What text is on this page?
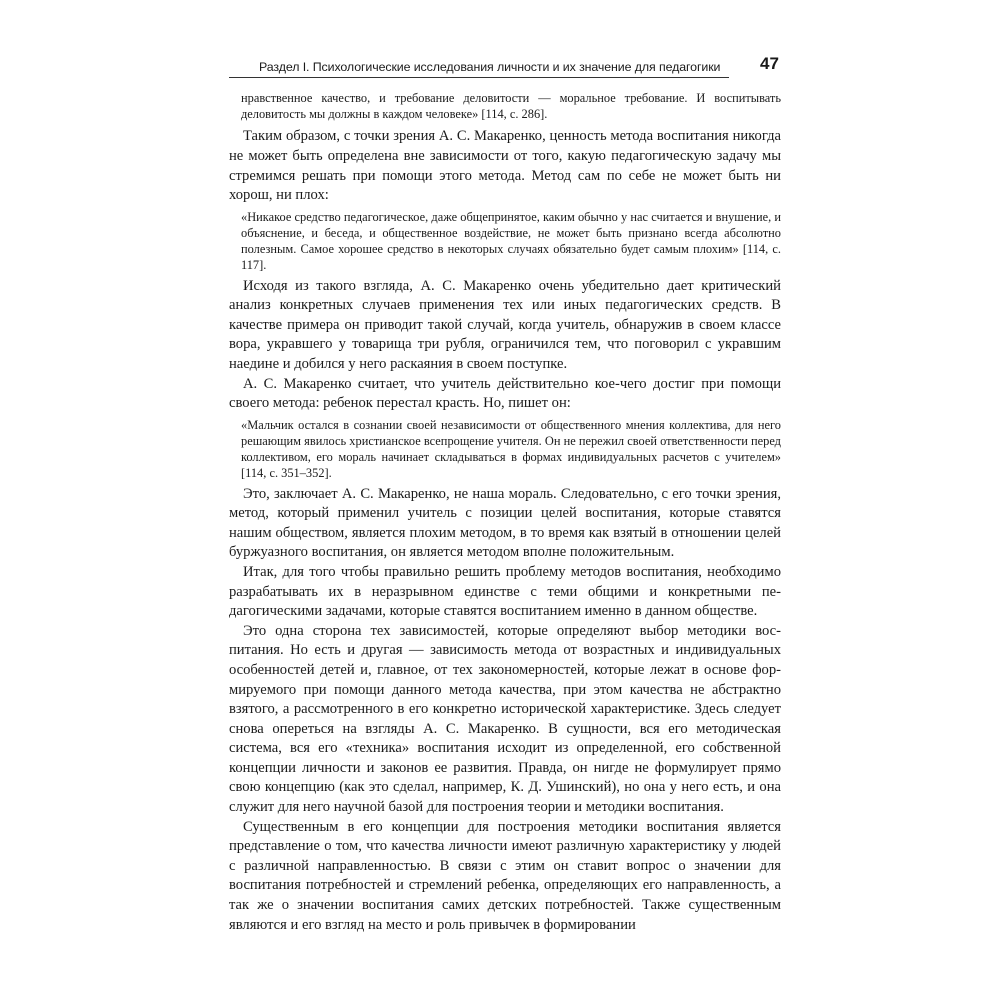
Раздел I. Психологические исследования личности и их значение для педагогики	47

нравственное качество, и требование деловитости — моральное требование. И воспитывать деловитость мы должны в каждом человеке» [114, с. 286].

Таким образом, с точки зрения А. С. Макаренко, ценность метода воспитания никогда не может быть определена вне зависимости от того, какую педагогическую задачу мы стремимся решать при помощи этого метода. Метод сам по себе не может быть ни хорош, ни плох:

«Никакое средство педагогическое, даже общепринятое, каким обычно у нас считается и внушение, и объяснение, и беседа, и общественное воздействие, не может быть признано всегда абсолютно полезным. Самое хорошее средство в некоторых случаях обязательно будет самым плохим» [114, с. 117].

Исходя из такого взгляда, А. С. Макаренко очень убедительно дает критический анализ конкретных случаев применения тех или иных педагогических средств. В качестве примера он приводит такой случай, когда учитель, обнаружив в своем классе вора, укравшего у товарища три рубля, ограничился тем, что поговорил с укравшим наедине и добился у него раскаяния в своем поступке.

А. С. Макаренко считает, что учитель действительно кое-чего достиг при помощи своего метода: ребенок перестал красть. Но, пишет он:

«Мальчик остался в сознании своей независимости от общественного мнения коллектива, для него решающим явилось христианское всепрощение учителя. Он не пережил своей ответственности перед коллективом, его мораль начинает складываться в формах индивидуальных расчетов с учителем» [114, с. 351–352].

Это, заключает А. С. Макаренко, не наша мораль. Следовательно, с его точки зрения, метод, который применил учитель с позиции целей воспитания, которые ставятся нашим обществом, является плохим методом, в то время как взятый в отношении целей буржуазного воспитания, он является методом вполне положительным.

Итак, для того чтобы правильно решить проблему методов воспитания, необходимо разрабатывать их в неразрывном единстве с теми общими и конкретными педагогическими задачами, которые ставятся воспитанием именно в данном обществе.

Это одна сторона тех зависимостей, которые определяют выбор методики воспитания. Но есть и другая — зависимость метода от возрастных и индивидуальных особенностей детей и, главное, от тех закономерностей, которые лежат в основе формируемого при помощи данного метода качества, при этом качества не абстрактно взятого, а рассмотренного в его конкретно исторической характеристике. Здесь следует снова опереться на взгляды А. С. Макаренко. В сущности, вся его методическая система, вся его «техника» воспитания исходит из определенной, его собственной концепции личности и законов ее развития. Правда, он нигде не формулирует прямо свою концепцию (как это сделал, например, К. Д. Ушинский), но она у него есть, и она служит для него научной базой для построения теории и методики воспитания.

Существенным в его концепции для построения методики воспитания является представление о том, что качества личности имеют различную характеристику у людей с различной направленностью. В связи с этим он ставит вопрос о значении для воспитания потребностей и стремлений ребенка, определяющих его направленность, а так же о значении воспитания самих детских потребностей. Также существенным являются и его взгляд на место и роль привычек в формировании
